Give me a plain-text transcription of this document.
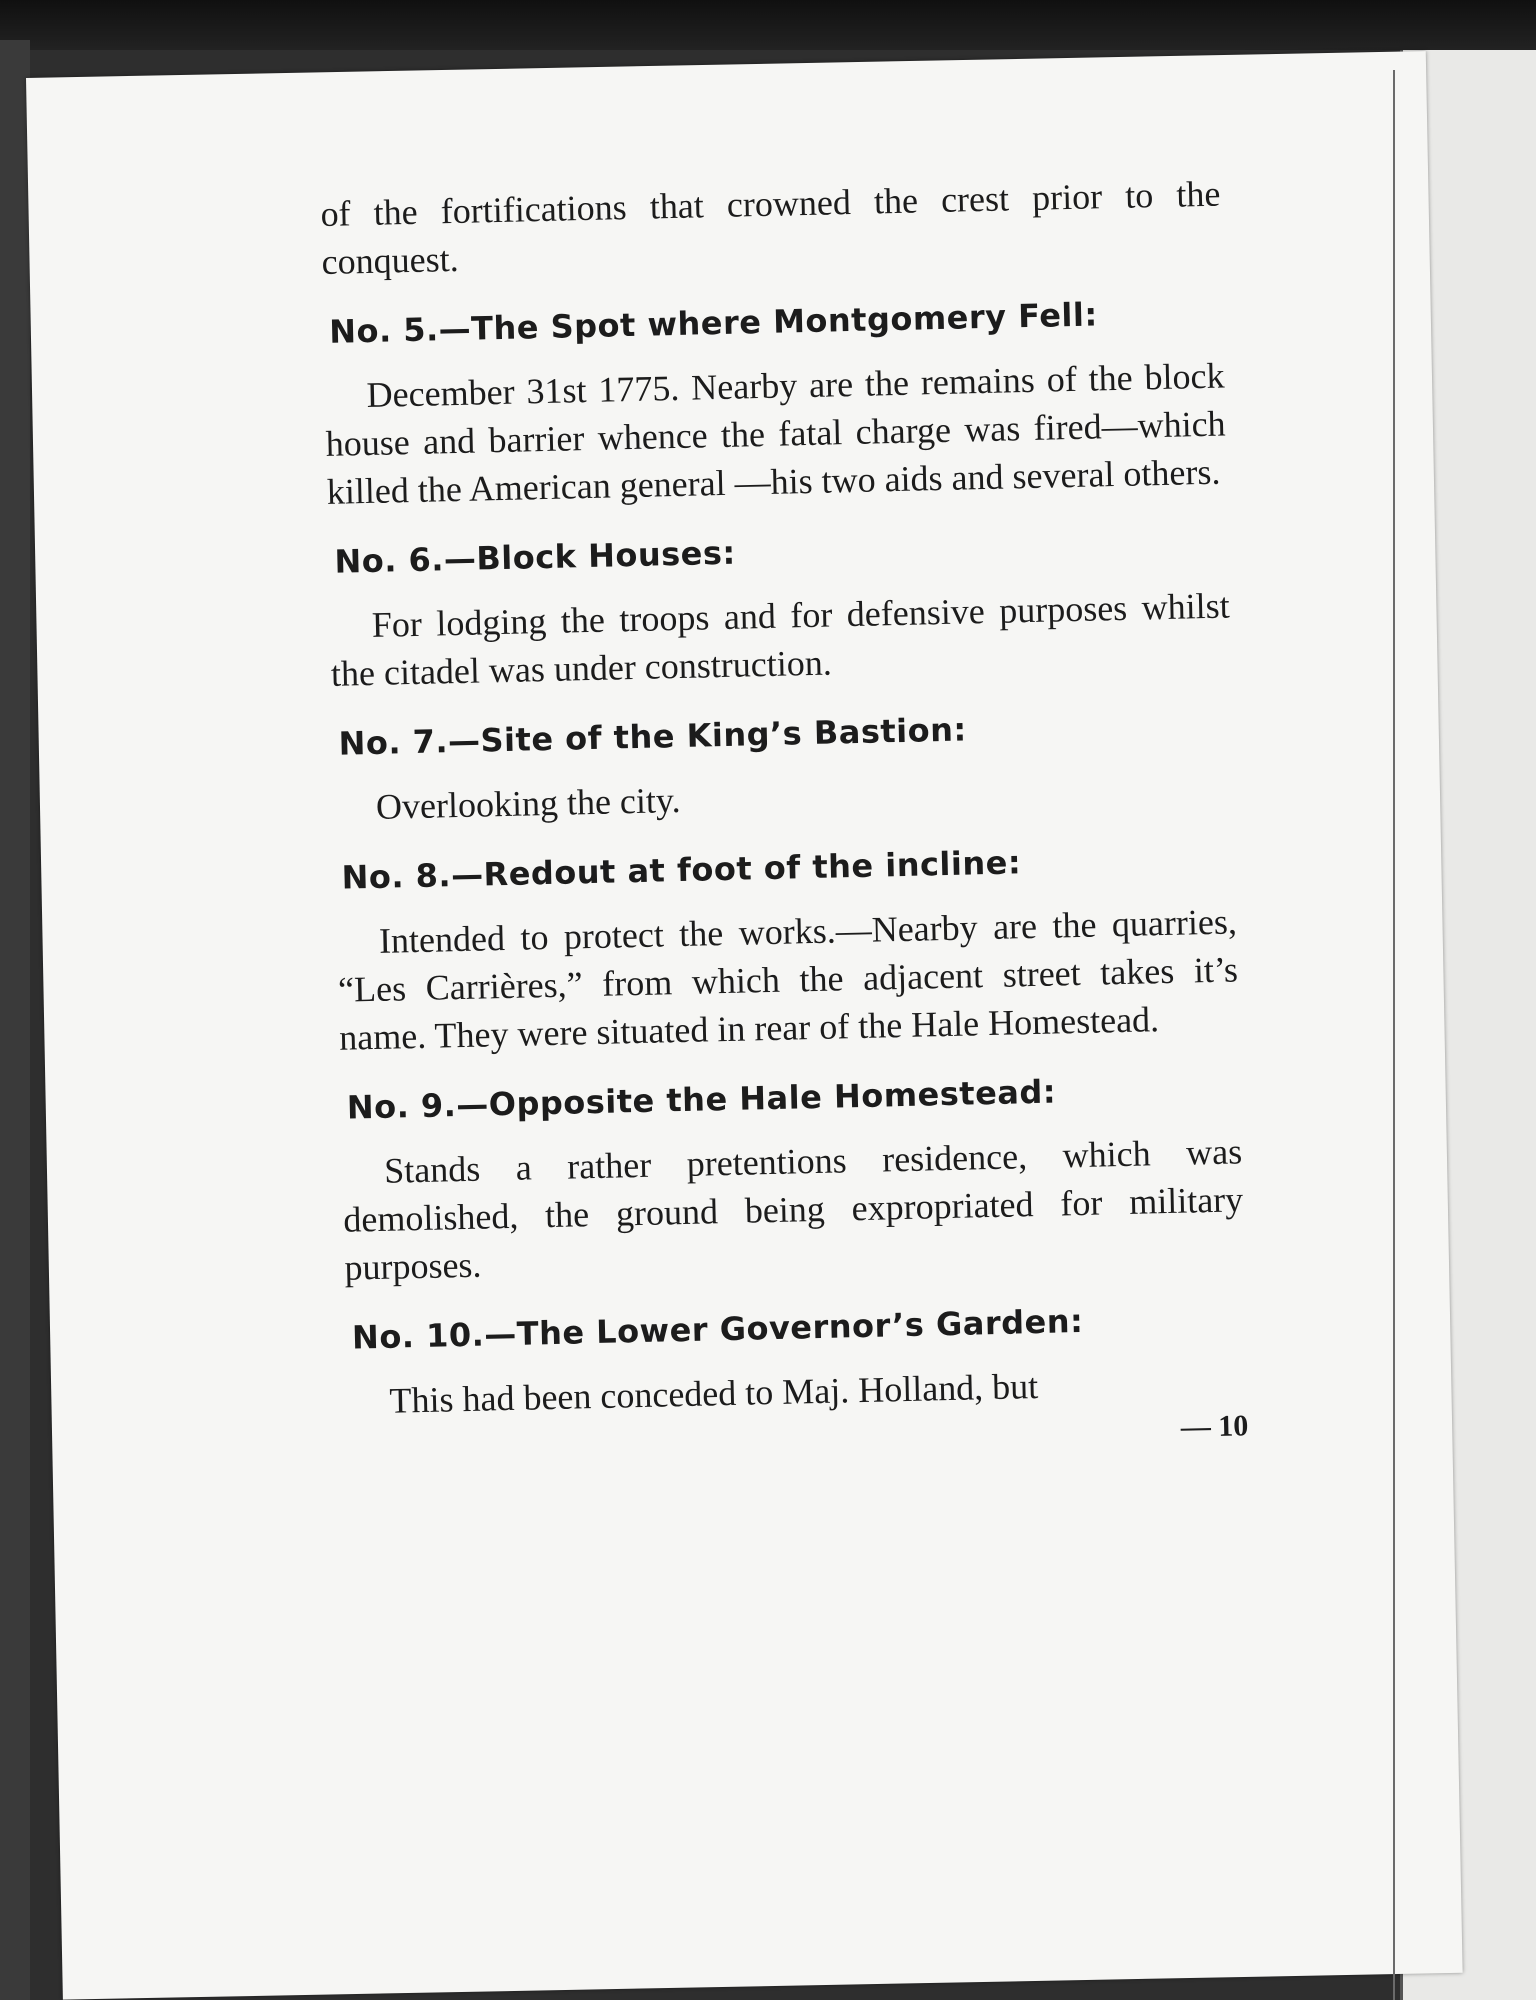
of the fortifications that crowned the crest prior to the conquest.

No. 5.—The Spot where Montgomery Fell:

December 31st 1775. Nearby are the remains of the block house and barrier whence the fatal charge was fired—which killed the American general —his two aids and several others.

No. 6.—Block Houses:

For lodging the troops and for defensive purposes whilst the citadel was under construction.

No. 7.—Site of the King’s Bastion:

Overlooking the city.

No. 8.—Redout at foot of the incline:

Intended to protect the works.—Nearby are the quarries, “Les Carrières,” from which the adjacent street takes it’s name. They were situated in rear of the Hale Homestead.

No. 9.—Opposite the Hale Homestead:

Stands a rather pretentions residence, which was demolished, the ground being expropriated for military purposes.

No. 10.—The Lower Governor’s Garden:

This had been conceded to Maj. Holland, but

— 10
